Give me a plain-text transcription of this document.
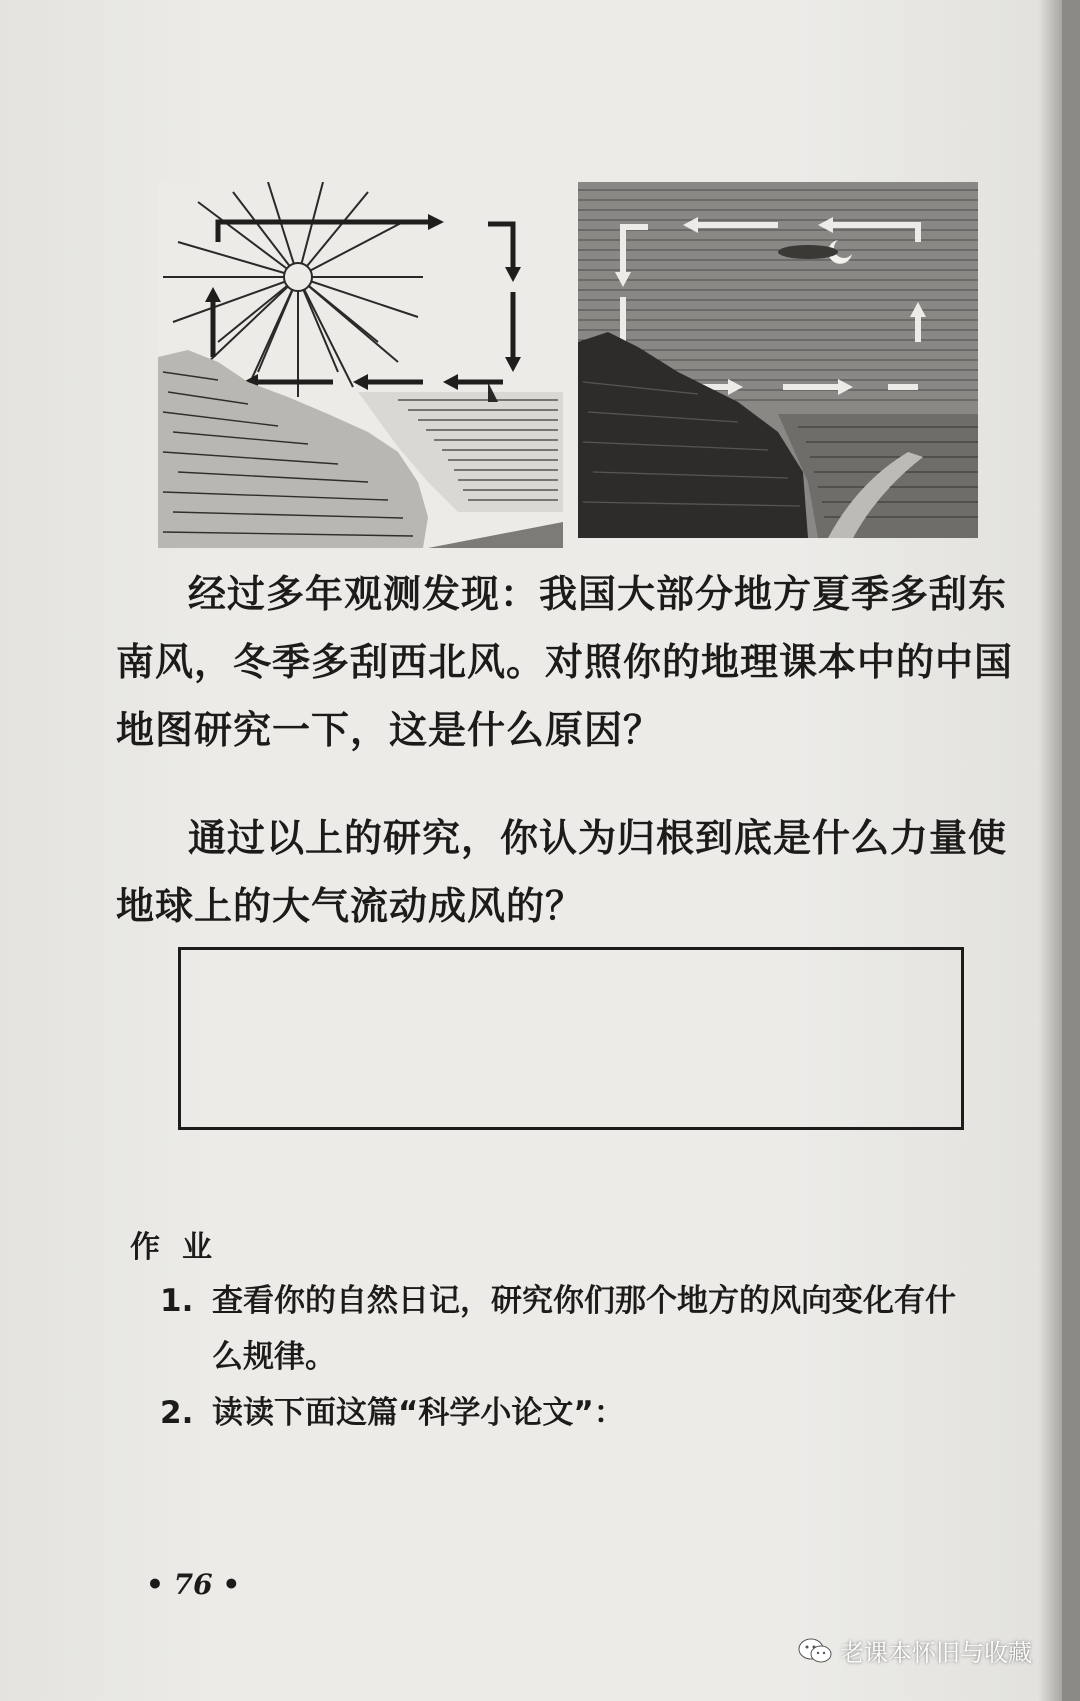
经过多年观测发现：我国大部分地方夏季多刮东
南风，冬季多刮西北风。对照你的地理课本中的中国
地图研究一下，这是什么原因？

通过以上的研究，你认为归根到底是什么力量使
地球上的大气流动成风的？

作业

1. 查看你的自然日记，研究你们那个地方的风向变化有什
么规律。

2. 读读下面这篇“科学小论文”：

• 76 •
老课本怀旧与收藏
